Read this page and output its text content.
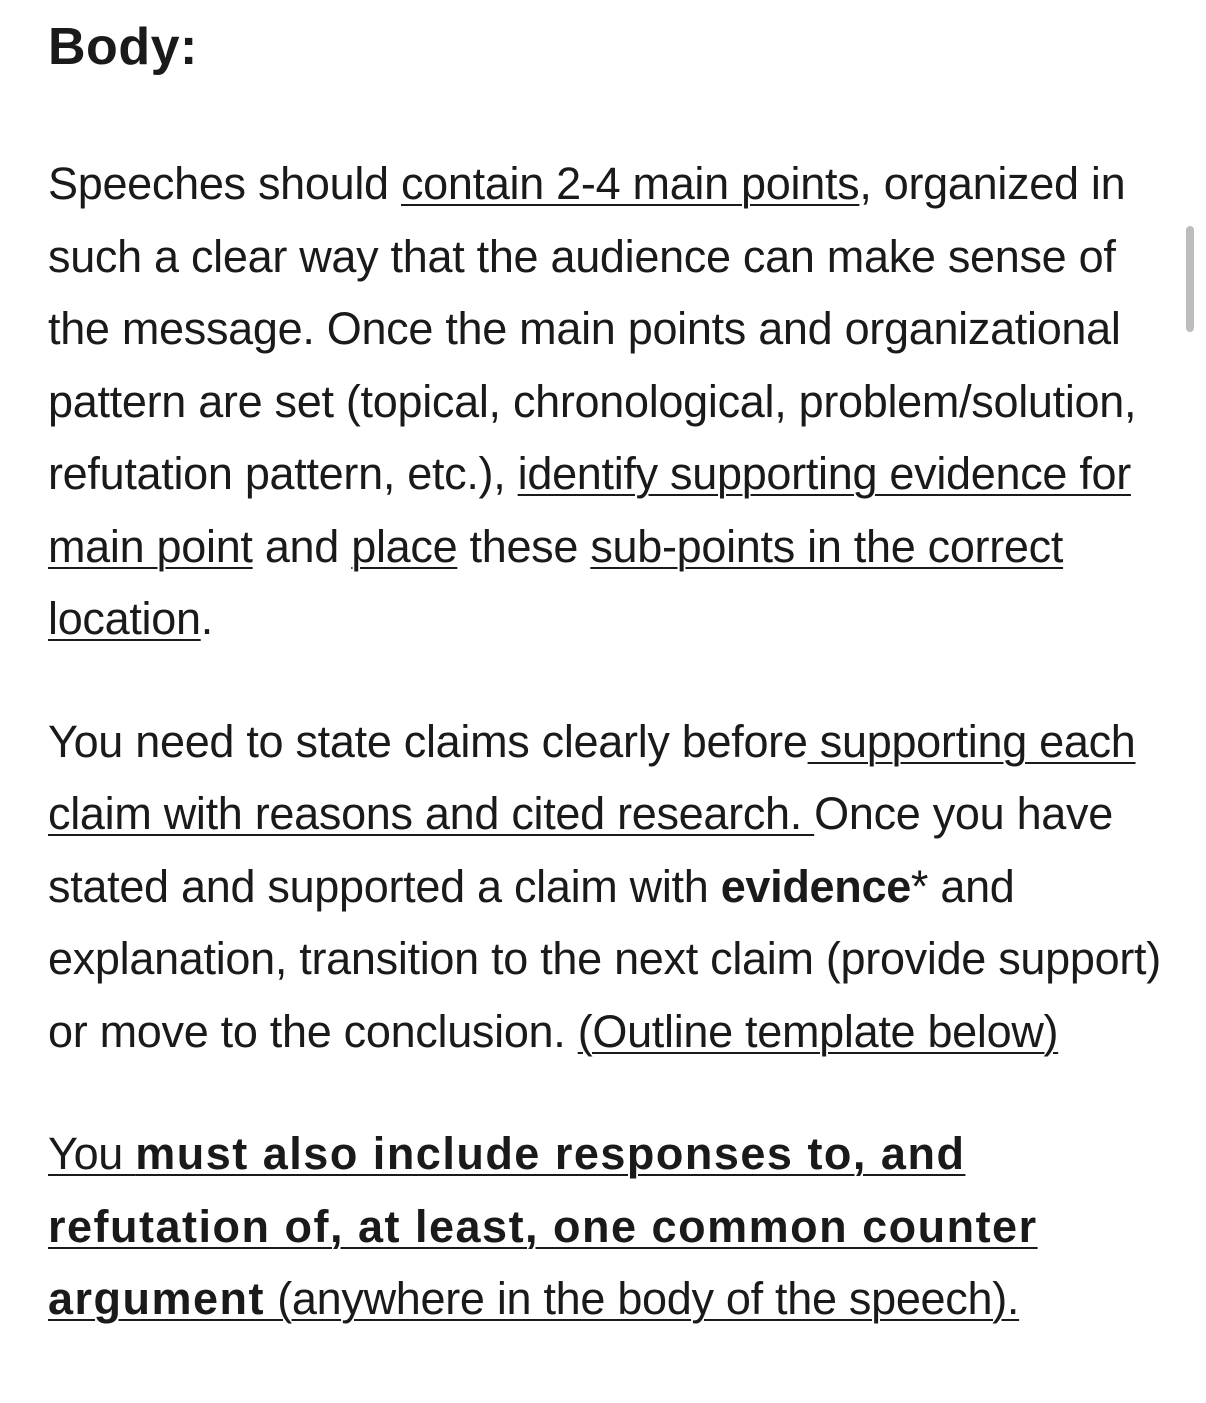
Body:

Speeches should contain 2-4 main points, organized in such a clear way that the audience can make sense of the message. Once the main points and organizational pattern are set (topical, chronological, problem/solution, refutation pattern, etc.), identify supporting evidence for main point and place these sub-points in the correct location.

You need to state claims clearly before supporting each claim with reasons and cited research. Once you have stated and supported a claim with evidence* and explanation, transition to the next claim (provide support) or move to the conclusion. (Outline template below)

You must also include responses to, and refutation of, at least, one common counter argument (anywhere in the body of the speech).
